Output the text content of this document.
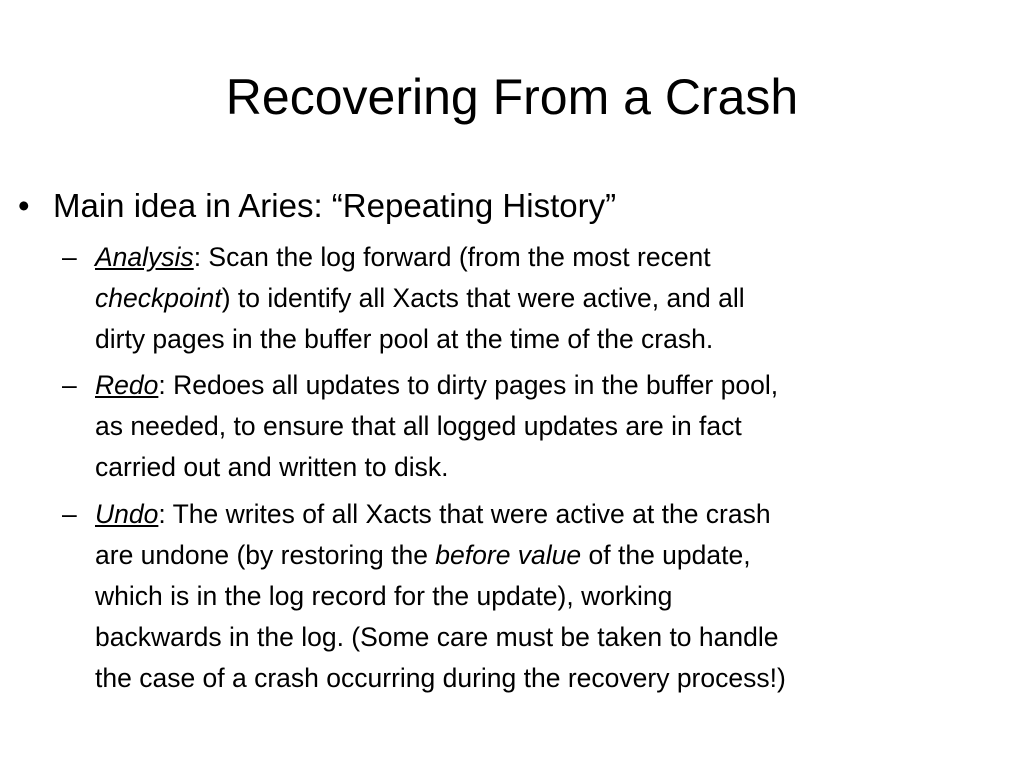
Recovering From a Crash
• Main idea in Aries: “Repeating History”
– Analysis: Scan the log forward (from the most recent
checkpoint) to identify all Xacts that were active, and all
dirty pages in the buffer pool at the time of the crash.
– Redo: Redoes all updates to dirty pages in the buffer pool,
as needed, to ensure that all logged updates are in fact
carried out and written to disk.
– Undo: The writes of all Xacts that were active at the crash
are undone (by restoring the before value of the update,
which is in the log record for the update), working
backwards in the log. (Some care must be taken to handle
the case of a crash occurring during the recovery process!)
